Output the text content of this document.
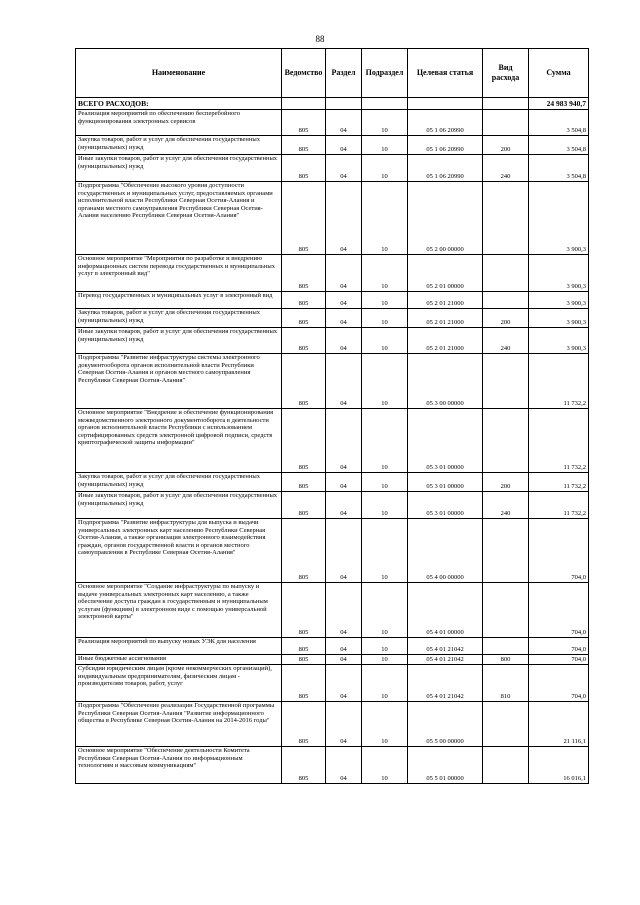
88
Наименование	Ведомство	Раздел	Подраздел	Целевая статья	Вид расхода	Сумма
ВСЕГО РАСХОДОВ:						24 983 940,7
Реализация мероприятий по обеспечению бесперебойного функционирования электронных сервисов	805	04	10	05 1 06 20990		3 504,8
Закупка товаров, работ и услуг для обеспечения государственных (муниципальных) нужд	805	04	10	05 1 06 20990	200	3 504,8
Иные закупки товаров, работ и услуг для обеспечения государственных (муниципальных) нужд	805	04	10	05 1 06 20990	240	3 504,8
Подпрограмма "Обеспечение высокого уровня доступности государственных и муниципальных услуг, предоставляемых органами исполнительной власти Республики Северная Осетия-Алания и органами местного самоуправления Республики Северная Осетия-Алания населению Республики Северная Осетия-Алания"	805	04	10	05 2 00 00000		3 900,3
Основное мероприятие "Мероприятия по разработке и внедрению информационных систем перевода государственных и муниципальных услуг в электронный вид"	805	04	10	05 2 01 00000		3 900,3
Перевод государственных и муниципальных услуг в электронный вид	805	04	10	05 2 01 21000		3 900,3
Закупка товаров, работ и услуг для обеспечения государственных (муниципальных) нужд	805	04	10	05 2 01 21000	200	3 900,3
Иные закупки товаров, работ и услуг для обеспечения государственных (муниципальных) нужд	805	04	10	05 2 01 21000	240	3 900,3
Подпрограмма "Развитие инфраструктуры системы электронного документооборота органов исполнительной власти Республики Северная Осетия-Алания и органов местного самоуправления Республики Северная Осетия-Алания"	805	04	10	05 3 00 00000		11 732,2
Основное мероприятие "Внедрение и обеспечение функционирования межведомственного электронного документооборота в деятельности органов исполнительной власти Республики с использованием сертифицированных средств электронной цифровой подписи, средств криптографической защиты информации"	805	04	10	05 3 01 00000		11 732,2
Закупка товаров, работ и услуг для обеспечения государственных (муниципальных) нужд	805	04	10	05 3 01 00000	200	11 732,2
Иные закупки товаров, работ и услуг для обеспечения государственных (муниципальных) нужд	805	04	10	05 3 01 00000	240	11 732,2
Подпрограмма "Развитие инфраструктуры для выпуска и выдачи универсальных электронных карт населению Республики Северная Осетия-Алания, а также организация электронного взаимодействия граждан, органов государственной власти и органов местного самоуправления в Республике Северная Осетия-Алания"	805	04	10	05 4 00 00000		704,0
Основное мероприятие "Создание инфраструктуры по выпуску и выдаче универсальных электронных карт населению, а также обеспечение доступа граждан к государственным и муниципальным услугам (функциям) в электронном виде с помощью универсальной электронной карты"	805	04	10	05 4 01 00000		704,0
Реализация мероприятий по выпуску новых УЭК для населения	805	04	10	05 4 01 21042		704,0
Иные бюджетные ассигнования	805	04	10	05 4 01 21042	800	704,0
Субсидии юридическим лицам (кроме некоммерческих организаций), индивидуальным предпринимателям, физическим лицам - производителям товаров, работ, услуг	805	04	10	05 4 01 21042	810	704,0
Подпрограмма "Обеспечение реализации Государственной программы Республики Северная Осетия-Алания "Развитие информационного общества в Республике Северная Осетия-Алания на 2014-2016 годы"	805	04	10	05 5 00 00000		21 116,1
Основное мероприятие "Обеспечение деятельности Комитета Республики Северная Осетия-Алания по информационным технологиям и массовым коммуникациям"	805	04	10	05 5 01 00000		16 016,1
